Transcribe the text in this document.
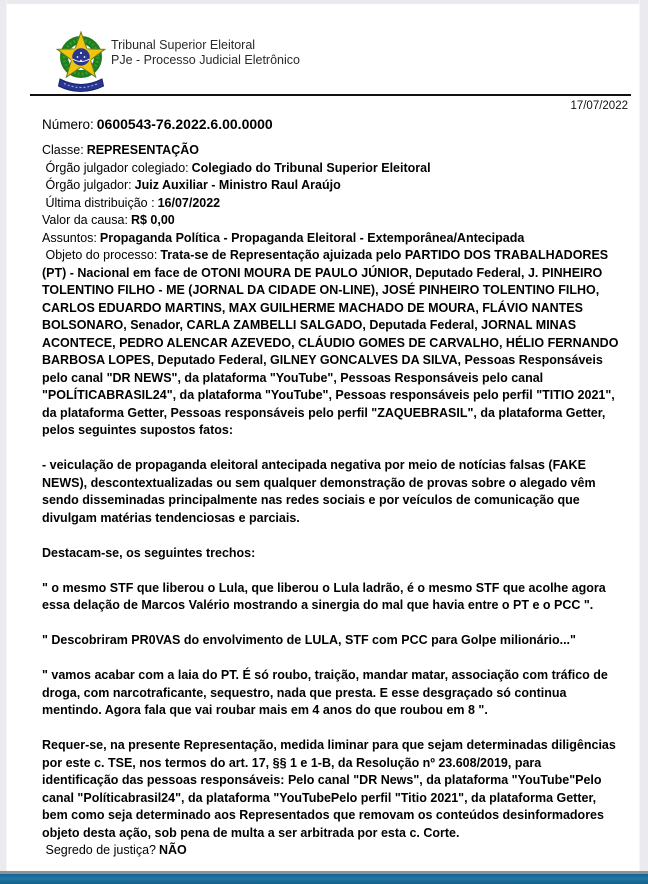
Tribunal Superior Eleitoral
PJe - Processo Judicial Eletrônico
17/07/2022
Número: 0600543-76.2022.6.00.0000
Classe: REPRESENTAÇÃO
Órgão julgador colegiado: Colegiado do Tribunal Superior Eleitoral
Órgão julgador: Juiz Auxiliar - Ministro Raul Araújo
Última distribuição : 16/07/2022
Valor da causa: R$ 0,00
Assuntos: Propaganda Política - Propaganda Eleitoral - Extemporânea/Antecipada
Objeto do processo: Trata-se de Representação ajuizada pelo PARTIDO DOS TRABALHADORES (PT) - Nacional em face de OTONI MOURA DE PAULO JÚNIOR, Deputado Federal, J. PINHEIRO TOLENTINO FILHO - ME (JORNAL DA CIDADE ON-LINE), JOSÉ PINHEIRO TOLENTINO FILHO, CARLOS EDUARDO MARTINS, MAX GUILHERME MACHADO DE MOURA, FLÁVIO NANTES BOLSONARO, Senador, CARLA ZAMBELLI SALGADO, Deputada Federal, JORNAL MINAS ACONTECE, PEDRO ALENCAR AZEVEDO, CLÁUDIO GOMES DE CARVALHO, HÉLIO FERNANDO BARBOSA LOPES, Deputado Federal, GILNEY GONCALVES DA SILVA, Pessoas Responsáveis pelo canal "DR NEWS", da plataforma "YouTube", Pessoas Responsáveis pelo canal "POLÍTICABRASIL24", da plataforma "YouTube", Pessoas responsáveis pelo perfil "TITIO 2021", da plataforma Getter, Pessoas responsáveis pelo perfil "ZAQUEBRASIL", da plataforma Getter, pelos seguintes supostos fatos:

- veiculação de propaganda eleitoral antecipada negativa por meio de notícias falsas (FAKE NEWS), descontextualizadas ou sem qualquer demonstração de provas sobre o alegado vêm sendo disseminadas principalmente nas redes sociais e por veículos de comunicação que divulgam matérias tendenciosas e parciais.

Destacam-se, os seguintes trechos:

" o mesmo STF que liberou o Lula, que liberou o Lula ladrão, é o mesmo STF que acolhe agora essa delação de Marcos Valério mostrando a sinergia do mal que havia entre o PT e o PCC ".

" Descobriram PR0VAS do envolvimento de LULA, STF com PCC para Golpe milionário..."

" vamos acabar com a laia do PT. É só roubo, traição, mandar matar, associação com tráfico de droga, com narcotraficante, sequestro, nada que presta. E esse desgraçado só continua mentindo. Agora fala que vai roubar mais em 4 anos do que roubou em 8 ".

Requer-se, na presente Representação, medida liminar para que sejam determinadas diligências por este c. TSE, nos termos do art. 17, §§ 1 e 1-B, da Resolução nº 23.608/2019, para identificação das pessoas responsáveis: Pelo canal "DR News", da plataforma "YouTube"Pelo canal "Políticabrasil24", da plataforma "YouTubePelo perfil "Titio 2021", da plataforma Getter, bem como seja determinado aos Representados que removam os conteúdos desinformadores objeto desta ação, sob pena de multa a ser arbitrada por esta c. Corte.

Segredo de justiça? NÃO
